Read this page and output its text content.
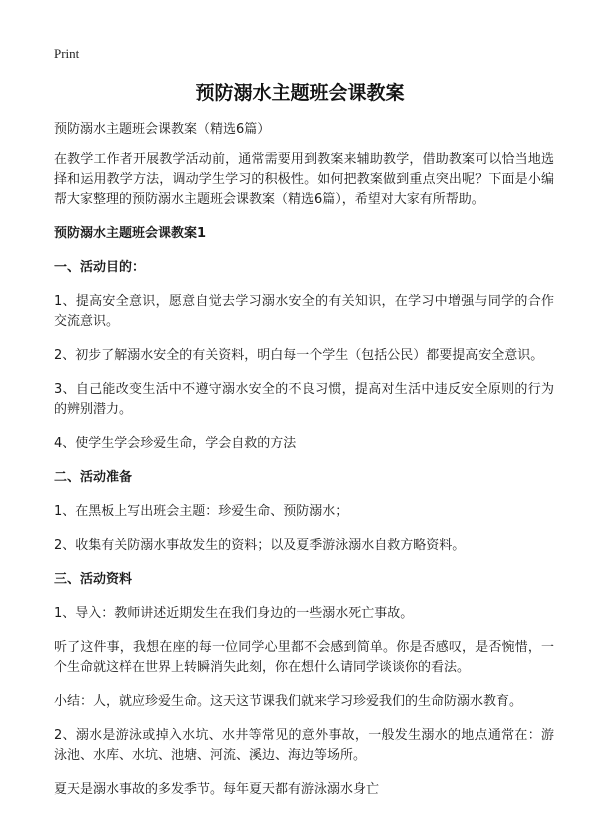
Print
预防溺水主题班会课教案

预防溺水主题班会课教案（精选6篇）

在教学工作者开展教学活动前，通常需要用到教案来辅助教学，借助教案可以恰当地选择和运用教学方法，调动学生学习的积极性。如何把教案做到重点突出呢？下面是小编帮大家整理的预防溺水主题班会课教案（精选6篇），希望对大家有所帮助。

预防溺水主题班会课教案1

一、活动目的：

1、提高安全意识，愿意自觉去学习溺水安全的有关知识，在学习中增强与同学的合作交流意识。

2、初步了解溺水安全的有关资料，明白每一个学生（包括公民）都要提高安全意识。

3、自己能改变生活中不遵守溺水安全的不良习惯，提高对生活中违反安全原则的行为的辨别潜力。

4、使学生学会珍爱生命，学会自救的方法

二、活动准备

1、在黑板上写出班会主题：珍爱生命、预防溺水；

2、收集有关防溺水事故发生的资料；以及夏季游泳溺水自救方略资料。

三、活动资料

1、导入：教师讲述近期发生在我们身边的一些溺水死亡事故。

听了这件事，我想在座的每一位同学心里都不会感到简单。你是否感叹，是否惋惜，一个生命就这样在世界上转瞬消失此刻，你在想什么请同学谈谈你的看法。

小结：人，就应珍爱生命。这天这节课我们就来学习珍爱我们的生命防溺水教育。

2、溺水是游泳或掉入水坑、水井等常见的意外事故，一般发生溺水的地点通常在：游泳池、水库、水坑、池塘、河流、溪边、海边等场所。

夏天是溺水事故的多发季节。每年夏天都有游泳溺水身亡
